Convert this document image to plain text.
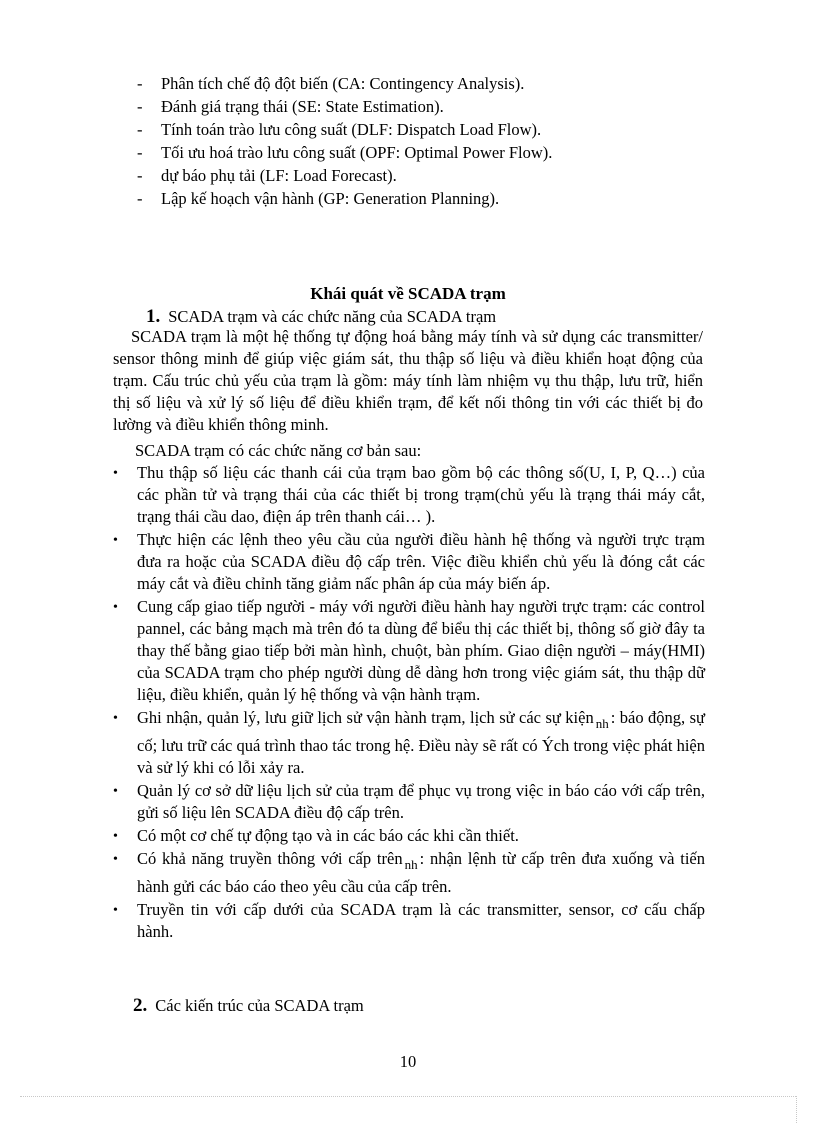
- Phân tích chế độ đột biến (CA: Contingency Analysis).
- Đánh giá trạng thái (SE: State Estimation).
- Tính toán trào lưu công suất (DLF: Dispatch Load Flow).
- Tối ưu hoá trào lưu công suất (OPF: Optimal Power Flow).
- dự báo phụ tải (LF: Load Forecast).
- Lập kế hoạch vận hành (GP: Generation Planning).
Khái quát về SCADA trạm
1. SCADA trạm và các chức năng của SCADA trạm
SCADA trạm là một hệ thống tự động hoá bằng máy tính và sử dụng các transmitter/ sensor thông minh để giúp việc giám sát, thu thập số liệu và điều khiển hoạt động của trạm. Cấu trúc chủ yếu của trạm là gồm: máy tính làm nhiệm vụ thu thập, lưu trữ, hiển thị số liệu và xử lý số liệu để điều khiển trạm, để kết nối thông tin với các thiết bị đo lường và điều khiển thông minh.
SCADA trạm có các chức năng cơ bản sau:
• Thu thập số liệu các thanh cái của trạm bao gồm bộ các thông số(U, I, P, Q…) của các phần tử và trạng thái của các thiết bị trong trạm(chủ yếu là trạng thái máy cắt, trạng thái cầu dao, điện áp trên thanh cái… ).
• Thực hiện các lệnh theo yêu cầu của người điều hành hệ thống và người trực trạm đưa ra hoặc của SCADA điều độ cấp trên. Việc điều khiển chủ yếu là đóng cắt các máy cắt và điều chỉnh tăng giảm nấc phân áp của máy biến áp.
• Cung cấp giao tiếp người - máy với người điều hành hay người trực trạm: các control pannel, các bảng mạch mà trên đó ta dùng để biểu thị các thiết bị, thông số giờ đây ta thay thế bằng giao tiếp bởi màn hình, chuột, bàn phím. Giao diện người – máy(HMI) của SCADA trạm cho phép người dùng dễ dàng hơn trong việc giám sát, thu thập dữ liệu, điều khiển, quản lý hệ thống và vận hành trạm.
• Ghi nhận, quản lý, lưu giữ lịch sử vận hành trạm, lịch sử các sự kiện $_{nh}$ : báo động, sự cố; lưu trữ các quá trình thao tác trong hệ. Điều này sẽ rất có Ých trong việc phát hiện và sử lý khi có lỗi xảy ra.
• Quản lý cơ sở dữ liệu lịch sử của trạm để phục vụ trong việc in báo cáo với cấp trên, gửi số liệu lên SCADA điều độ cấp trên.
• Có một cơ chế tự động tạo và in các báo các khi cần thiết.
• Có khả năng truyền thông với cấp trên $_{nh}$ : nhận lệnh từ cấp trên đưa xuống và tiến hành gửi các báo cáo theo yêu cầu của cấp trên.
• Truyền tin với cấp dưới của SCADA trạm là các transmitter, sensor, cơ cấu chấp hành.
2. Các kiến trúc của SCADA trạm
10
